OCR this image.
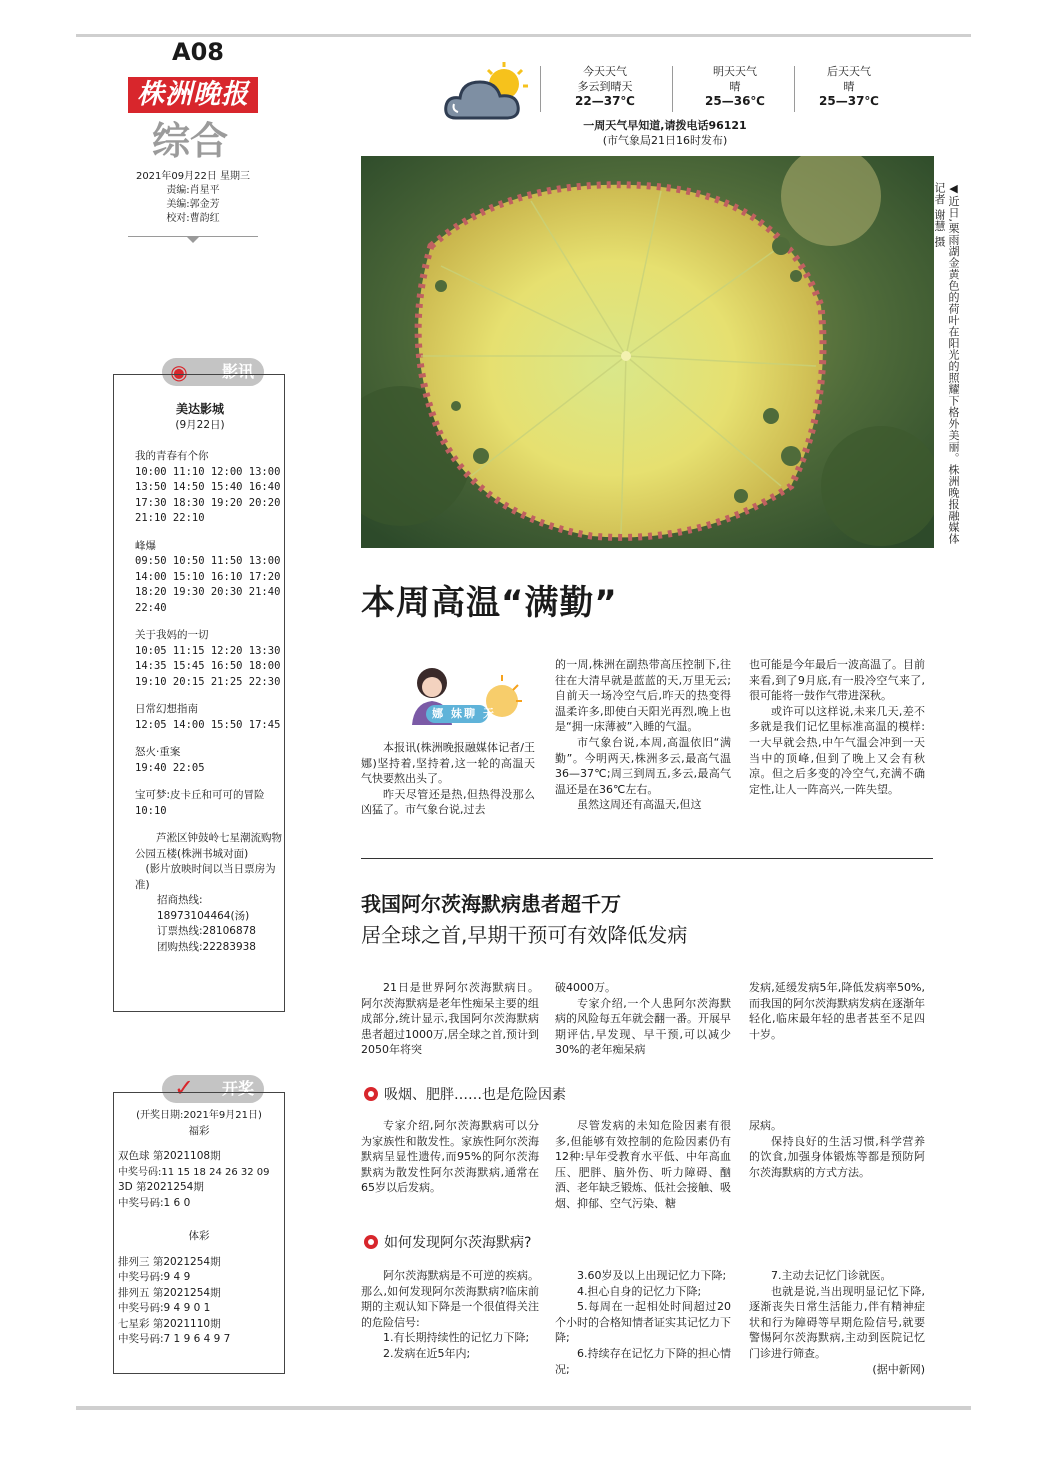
A08
株洲晚报
综合
2021年09月22日 星期三
责编:肖星平
美编:郭金芳
校对:曹韵红
今天天气
多云到晴天
22—37℃
明天天气
晴
25—36℃
后天天气
晴
25—37℃
一周天气早知道,请拨电话96121
(市气象局21日16时发布)
◀近日,栗雨湖金黄色的荷叶在阳光的照耀下格外美丽。株洲晚报融媒体记者 谢慧 摄
本周高温“满勤”
娜 妹聊 天

本报讯(株洲晚报融媒体记者/王娜)坚持着,坚持着,这一轮的高温天气快要熬出头了。

昨天尽管还是热,但热得没那么凶猛了。市气象台说,过去

的一周,株洲在副热带高压控制下,往往在大清早就是蓝蓝的天,万里无云;自前天一场冷空气后,昨天的热变得温柔许多,即使白天阳光再烈,晚上也是“拥一床薄被”入睡的气温。

市气象台说,本周,高温依旧“满勤”。今明两天,株洲多云,最高气温36—37℃;周三到周五,多云,最高气温还是在36℃左右。

虽然这周还有高温天,但这

也可能是今年最后一波高温了。目前来看,到了9月底,有一股冷空气来了,很可能将一鼓作气带进深秋。

或许可以这样说,未来几天,差不多就是我们记忆里标准高温的模样:一大早就会热,中午气温会冲到一天当中的顶峰,但到了晚上又会有秋凉。但之后多变的冷空气,充满不确定性,让人一阵高兴,一阵失望。

我国阿尔茨海默病患者超千万
居全球之首,早期干预可有效降低发病

21日是世界阿尔茨海默病日。阿尔茨海默病是老年性痴呆主要的组成部分,统计显示,我国阿尔茨海默病患者超过1000万,居全球之首,预计到2050年将突

破4000万。

专家介绍,一个人患阿尔茨海默病的风险每五年就会翻一番。开展早期评估,早发现、早干预,可以减少30%的老年痴呆病

发病,延缓发病5年,降低发病率50%,而我国的阿尔茨海默病发病在逐渐年轻化,临床最年轻的患者甚至不足四十岁。

吸烟、肥胖……也是危险因素

专家介绍,阿尔茨海默病可以分为家族性和散发性。家族性阿尔茨海默病呈显性遗传,而95%的阿尔茨海默病为散发性阿尔茨海默病,通常在65岁以后发病。

尽管发病的未知危险因素有很多,但能够有效控制的危险因素仍有12种:早年受教育水平低、中年高血压、肥胖、脑外伤、听力障碍、酗酒、老年缺乏锻炼、低社会接触、吸烟、抑郁、空气污染、糖

尿病。

保持良好的生活习惯,科学营养的饮食,加强身体锻炼等都是预防阿尔茨海默病的方式方法。

如何发现阿尔茨海默病?

阿尔茨海默病是不可逆的疾病。那么,如何发现阿尔茨海默病?临床前期的主观认知下降是一个很值得关注的危险信号:

1.有长期持续性的记忆力下降;

2.发病在近5年内;

3.60岁及以上出现记忆力下降;

4.担心自身的记忆力下降;

5.每周在一起相处时间超过20个小时的合格知情者证实其记忆力下降;

6.持续存在记忆力下降的担心情况;

7.主动去记忆门诊就医。

也就是说,当出现明显记忆下降,逐渐丧失日常生活能力,伴有精神症状和行为障碍等早期危险信号,就要警惕阿尔茨海默病,主动到医院记忆门诊进行筛查。

(据中新网)

◉	影讯
美达影城
(9月22日)
我的青春有个你
10:00 11:10 12:00 13:00
13:50 14:50 15:40 16:40
17:30 18:30 19:20 20:20
21:10 22:10
峰爆
09:50 10:50 11:50 13:00
14:00 15:10 16:10 17:20
18:20 19:30 20:30 21:40
22:40
关于我妈的一切
10:05 11:15 12:20 13:30
14:35 15:45 16:50 18:00
19:10 20:15 21:25 22:30
日常幻想指南
12:05 14:00 15:50 17:45
怒火·重案
19:40 22:05
宝可梦:皮卡丘和可可的冒险
10:10
芦淞区钟鼓岭七星潮流购物公园五楼(株洲书城对面)
(影片放映时间以当日票房为准)
招商热线:
18973104464(汤)
订票热线:28106878
团购热线:22283938
✓ 开奖
(开奖日期:2021年9月21日)
福彩
双色球 第2021108期
中奖号码:11 15 18 24 26 32 09
3D 第2021254期
中奖号码:1 6 0
体彩
排列三 第2021254期
中奖号码:9 4 9
排列五 第2021254期
中奖号码:9 4 9 0 1
七星彩 第2021110期
中奖号码:7 1 9 6 4 9 7
